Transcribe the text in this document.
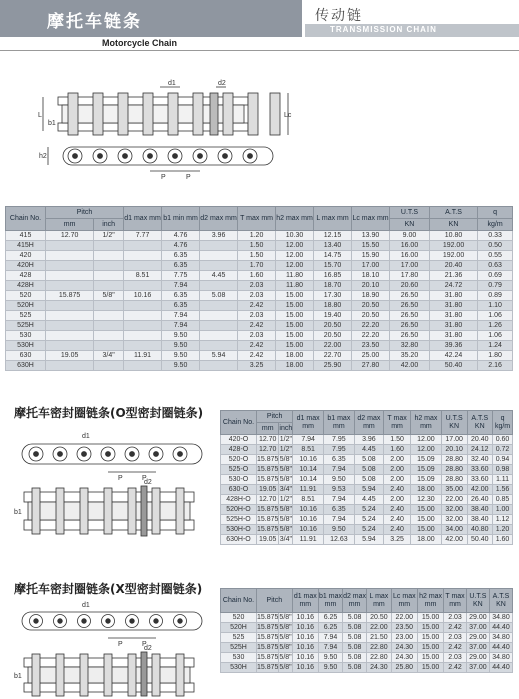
摩托车链条	传动链
TRANSMISSION CHAIN
Motorcycle Chain
d1	d2
L	Lc
b1
h2
P	P
Chain No.	Pitch		d1 max mm	b1 min mm	d2 max mm	T max mm	h2 max mm	L max mm	Lc max mm	U.T.S	A.T.S	q
	mm	inch								KN	KN	kg/m
415	12.70	1/2"	7.77	4.76	3.96	1.20	10.30	12.15	13.90	9.00	10.80	0.33
415H				4.76		1.50	12.00	13.40	15.50	16.00	192.00	0.50
420				6.35		1.50	12.00	14.75	15.90	16.00	192.00	0.55
420H				6.35		1.70	12.00	15.70	17.00	17.00	20.40	0.63
428			8.51	7.75	4.45	1.60	11.80	16.85	18.10	17.80	21.36	0.69
428H				7.94		2.03	11.80	18.70	20.10	20.60	24.72	0.79
520	15.875	5/8"	10.16	6.35	5.08	2.03	15.00	17.30	18.90	26.50	31.80	0.89
520H				6.35		2.42	15.00	18.80	20.50	26.50	31.80	1.10
525				7.94		2.03	15.00	19.40	20.50	26.50	31.80	1.06
525H				7.94		2.42	15.00	20.50	22.20	26.50	31.80	1.26
530				9.50		2.03	15.00	20.50	22.20	26.50	31.80	1.06
530H				9.50		2.42	15.00	22.00	23.50	32.80	39.36	1.24
630	19.05	3/4"	11.91	9.50	5.94	2.42	18.00	22.70	25.00	35.20	42.24	1.80
630H				9.50		3.25	18.00	25.90	27.80	42.00	50.40	2.16
摩托车密封圈链条(O型密封圈链条)
d1
d2
b1
P	P
Chain No.	Pitch		d1 max mm	b1 max mm	d2 max mm	T max mm	h2 max mm	U.T.S KN	A.T.S KN	q kg/m
	mm	inch								
420-O	12.70	1/2"	7.94	7.95	3.96	1.50	12.00	17.00	20.40	0.60
428-O	12.70	1/2"	8.51	7.95	4.45	1.60	12.00	20.10	24.12	0.72
520-O	15.875	5/8"	10.16	6.35	5.08	2.00	15.09	28.80	32.40	0.94
525-O	15.875	5/8"	10.14	7.94	5.08	2.00	15.09	28.80	33.60	0.98
530-O	15.875	5/8"	10.14	9.50	5.08	2.00	15.09	28.80	33.60	1.11
630-O	19.05	3/4"	11.91	9.53	5.94	2.40	18.00	35.00	42.00	1.56
428H-O	12.70	1/2"	8.51	7.94	4.45	2.00	12.30	22.00	26.40	0.85
520H-O	15.875	5/8"	10.16	6.35	5.24	2.40	15.00	32.00	38.40	1.00
525H-O	15.875	5/8"	10.16	7.94	5.24	2.40	15.00	32.00	38.40	1.12
530H-O	15.875	5/8"	10.16	9.50	5.24	2.40	15.00	34.00	40.80	1.20
630H-O	19.05	3/4"	11.91	12.63	5.94	3.25	18.00	42.00	50.40	1.60
摩托车密封圈链条(X型密封圈链条)
d1
d2
b1
P	P
Chain No.	Pitch		d1 max mm	b1 max mm	d2 max mm	L max mm	Lc max mm	h2 max mm	T max mm	U.T.S KN	A.T.S KN
520	15.875	5/8"	10.16	6.25	5.08	20.50	22.00	15.00	2.03	29.00	34.80
520H	15.875	5/8"	10.16	6.25	5.08	22.00	23.50	15.00	2.42	37.00	44.40
525	15.875	5/8"	10.16	7.94	5.08	21.50	23.00	15.00	2.03	29.00	34.80
525H	15.875	5/8"	10.16	7.94	5.08	22.80	24.30	15.00	2.42	37.00	44.40
530	15.875	5/8"	10.16	9.50	5.08	22.80	24.30	15.00	2.03	29.00	34.80
530H	15.875	5/8"	10.16	9.50	5.08	24.30	25.80	15.00	2.42	37.00	44.40
